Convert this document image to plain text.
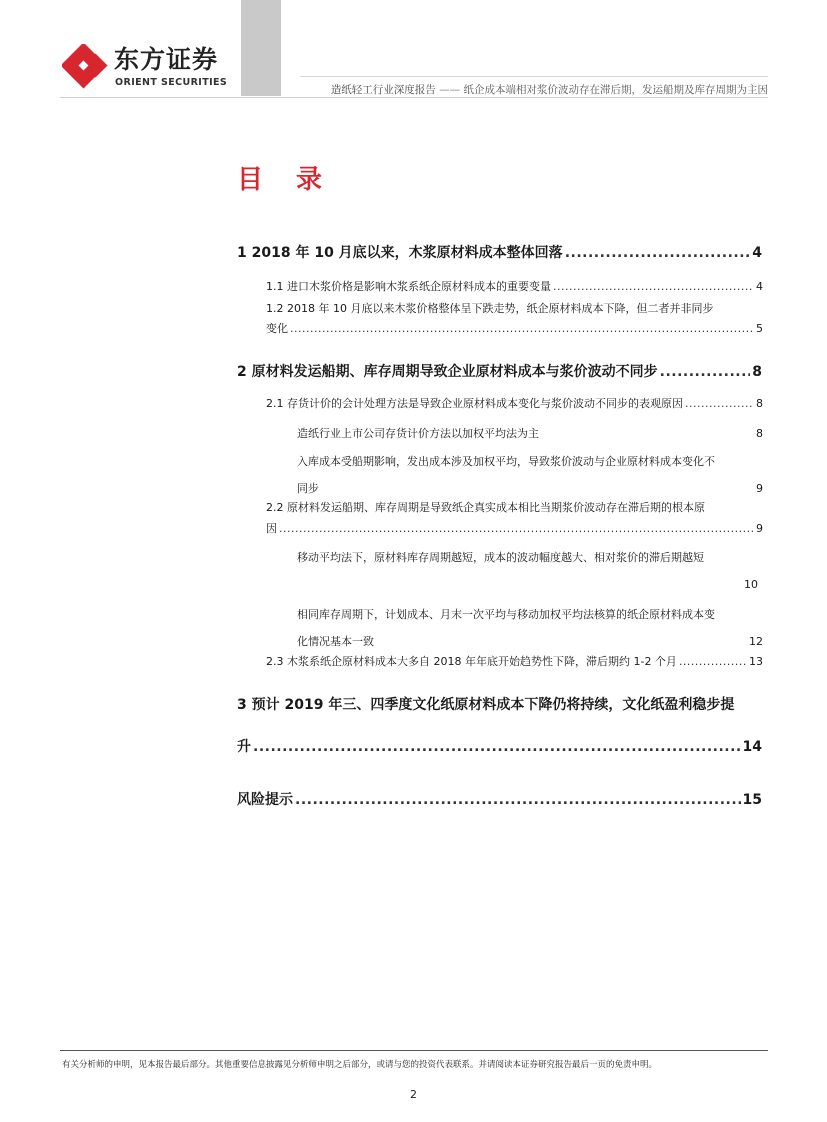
东方证券
ORIENT SECURITIES
造纸轻工行业深度报告 —— 纸企成本端相对浆价波动存在滞后期，发运船期及库存周期为主因
目 录
1 2018 年 10 月底以来，木浆原材料成本整体回落 .....	4
1.1 进口木浆价格是影响木浆系纸企原材料成本的重要变量 .....	4
1.2 2018 年 10 月底以来木浆价格整体呈下跌走势，纸企原材料成本下降，但二者并非同步
变化 .....	5
2 原材料发运船期、库存周期导致企业原材料成本与浆价波动不同步 .....	8
2.1 存货计价的会计处理方法是导致企业原材料成本变化与浆价波动不同步的表观原因 .....	8
造纸行业上市公司存货计价方法以加权平均法为主	8
入库成本受船期影响，发出成本涉及加权平均，导致浆价波动与企业原材料成本变化不
同步	9
2.2 原材料发运船期、库存周期是导致纸企真实成本相比当期浆价波动存在滞后期的根本原
因 .....	9
移动平均法下，原材料库存周期越短，成本的波动幅度越大、相对浆价的滞后期越短
10
相同库存周期下，计划成本、月末一次平均与移动加权平均法核算的纸企原材料成本变
化情况基本一致	12
2.3 木浆系纸企原材料成本大多自 2018 年年底开始趋势性下降，滞后期约 1-2 个月 .....	13
3 预计 2019 年三、四季度文化纸原材料成本下降仍将持续，文化纸盈利稳步提
升 .....	14
风险提示 .....	15
有关分析师的申明，见本报告最后部分。其他重要信息披露见分析师申明之后部分，或请与您的投资代表联系。并请阅读本证券研究报告最后一页的免责申明。
2
